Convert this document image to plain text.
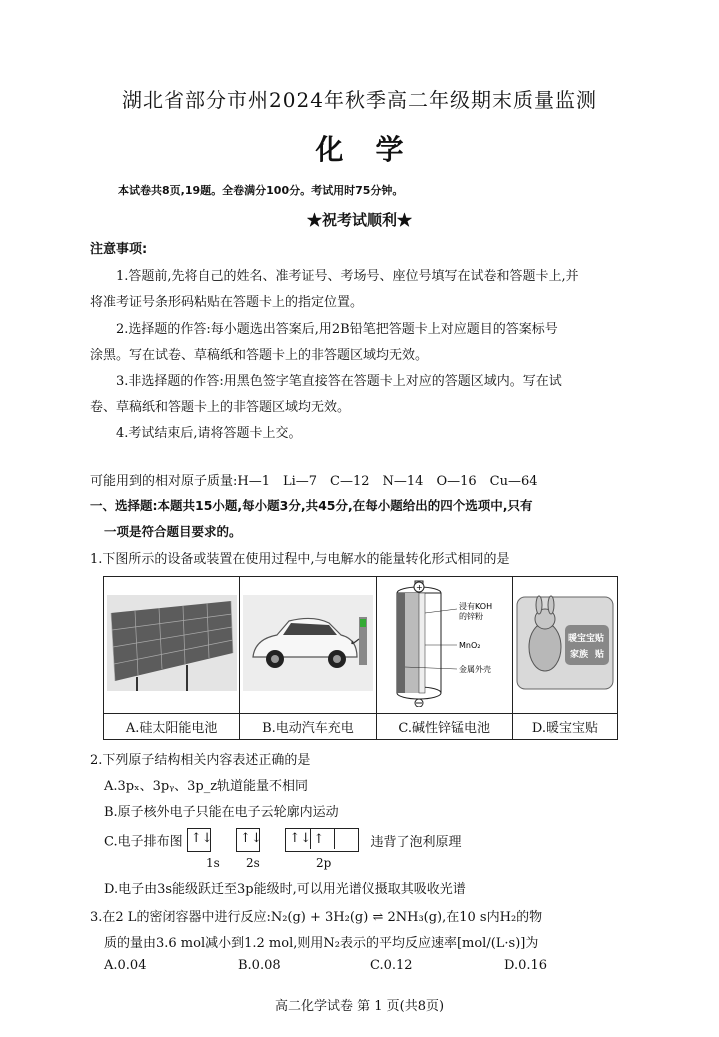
湖北省部分市州2024年秋季高二年级期末质量监测
化学
本试卷共8页,19题。全卷满分100分。考试用时75分钟。
★祝考试顺利★
注意事项:
1.答题前,先将自己的姓名、准考证号、考场号、座位号填写在试卷和答题卡上,并
将准考证号条形码粘贴在答题卡上的指定位置。
2.选择题的作答:每小题选出答案后,用2B铅笔把答题卡上对应题目的答案标号
涂黑。写在试卷、草稿纸和答题卡上的非答题区域均无效。
3.非选择题的作答:用黑色签字笔直接答在答题卡上对应的答题区域内。写在试
卷、草稿纸和答题卡上的非答题区域均无效。
4.考试结束后,请将答题卡上交。
可能用到的相对原子质量:H—1　Li—7　C—12　N—14　O—16　Cu—64
一、选择题:本题共15小题,每小题3分,共45分,在每小题给出的四个选项中,只有
一项是符合题目要求的。
1.下图所示的设备或装置在使用过程中,与电解水的能量转化形式相同的是

+
浸有KOH
的锌粉
MnO₂
金属外壳	暖宝宝贴
家族 贴

A.硅太阳能电池	B.电动汽车充电	C.碱性锌锰电池	D.暖宝宝贴
2.下列原子结构相关内容表述正确的是
A.3pₓ、3pᵧ、3p_z轨道能量不相同
B.原子核外电子只能在电子云轮廓内运动
C.电子排布图 ↑↓
↑↓
↑↓ ↑	违背了泡利原理
1s 2s	2p
D.电子由3s能级跃迁至3p能级时,可以用光谱仪摄取其吸收光谱
3.在2 L的密闭容器中进行反应:N₂(g) + 3H₂(g) ⇌ 2NH₃(g),在10 s内H₂的物
质的量由3.6 mol减小到1.2 mol,则用N₂表示的平均反应速率[mol/(L·s)]为
A.0.04	B.0.08	C.0.12	D.0.16
高二化学试卷 第 1 页(共8页)
